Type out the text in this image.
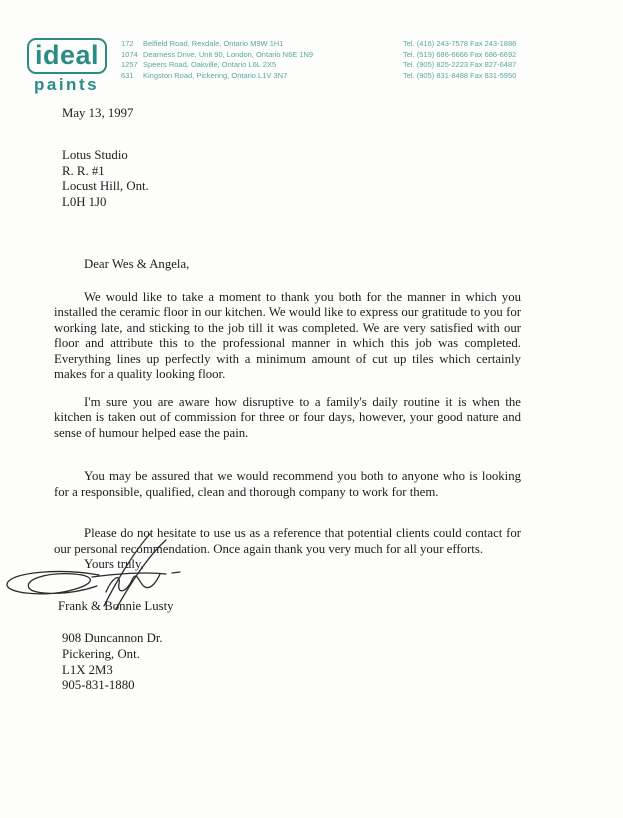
ideal
paints
172	Belfield Road, Rexdale, Ontario M9W 1H1	Tel. (416) 243-7578 Fax 243-1886
1074 Dearness Drive, Unit 90, London, Ontario N6E 1N9	Tel. (519) 686-6666 Fax 686-6692
1257 Speers Road, Oakville, Ontario L6L 2X5	Tel. (905) 825-2223 Fax 827-6487
631	Kingston Road, Pickering, Ontario L1V 3N7	Tel. (905) 831-8488 Fax 831-5950
May 13, 1997
Lotus Studio
R. R. #1
Locust Hill, Ont.
L0H 1J0

Dear Wes & Angela,

We would like to take a moment to thank you both for the manner in which you installed the ceramic floor in our kitchen. We would like to express our gratitude to you for working late, and sticking to the job till it was completed. We are very satisfied with our floor and attribute this to the professional manner in which this job was completed. Everything lines up perfectly with a minimum amount of cut up tiles which certainly makes for a quality looking floor.

I'm sure you are aware how disruptive to a family's daily routine it is when the kitchen is taken out of commission for three or four days, however, your good nature and sense of humour helped ease the pain.

You may be assured that we would recommend you both to anyone who is looking for a responsible, qualified, clean and thorough company to work for them.

Please do not hesitate to use us as a reference that potential clients could contact for our personal recommendation. Once again thank you very much for all your efforts.

Yours truly,

Frank & Bonnie Lusty
908 Duncannon Dr.
Pickering, Ont.
L1X 2M3
905-831-1880
